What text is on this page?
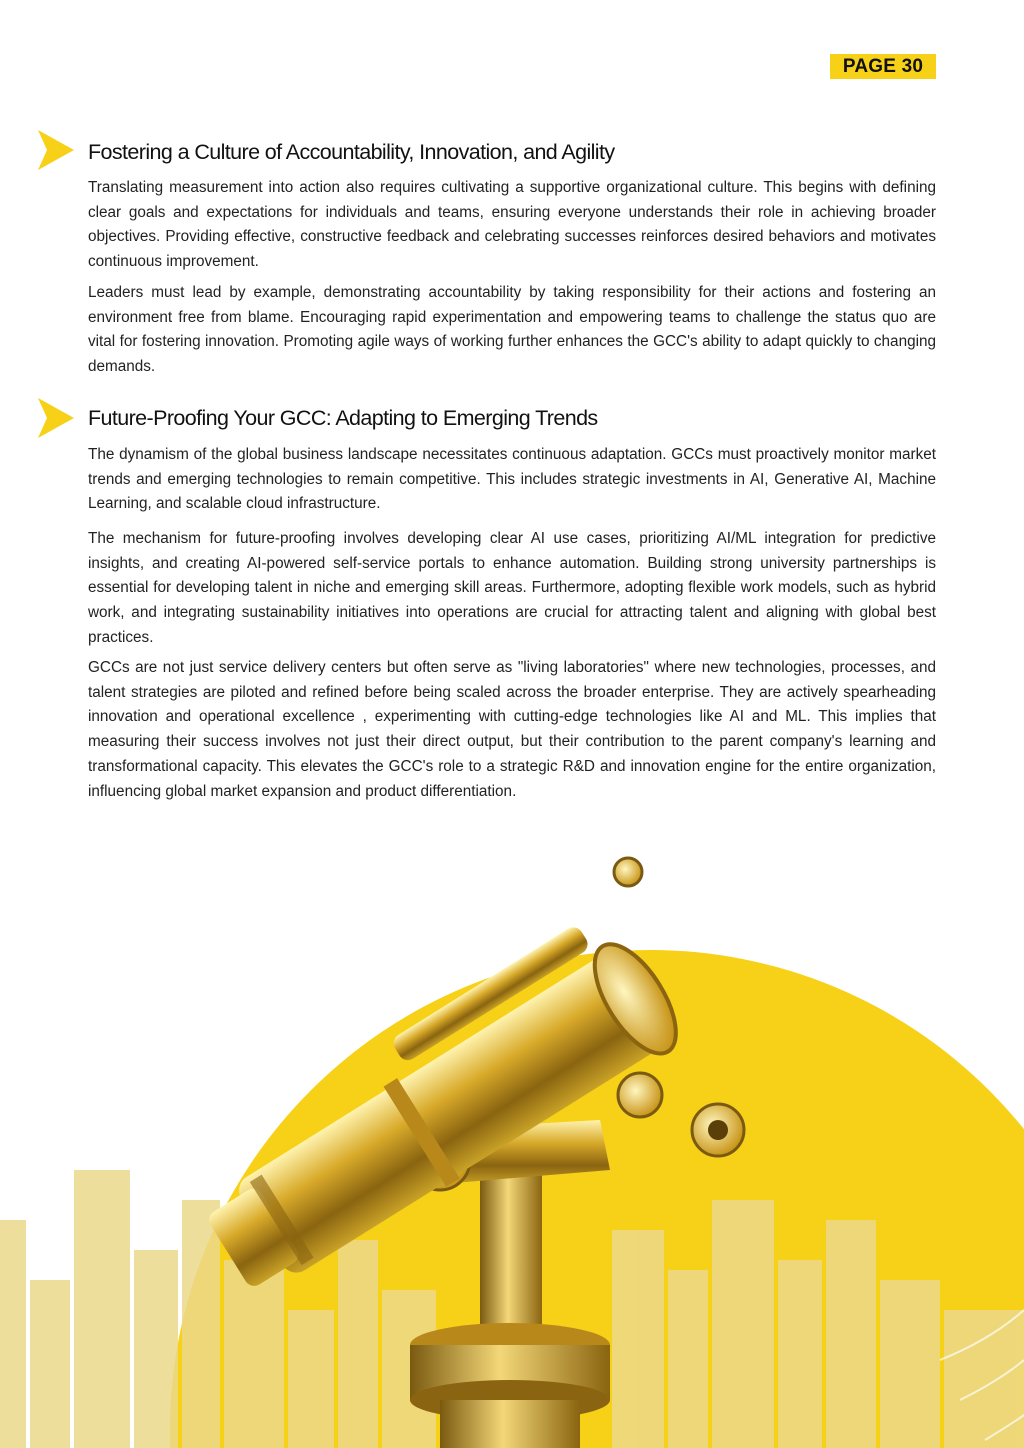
PAGE 30
Fostering a Culture of Accountability, Innovation, and Agility

Translating measurement into action also requires cultivating a supportive organizational culture. This begins with defining clear goals and expectations for individuals and teams, ensuring everyone understands their role in achieving broader objectives. Providing effective, constructive feedback and celebrating successes reinforces desired behaviors and motivates continuous improvement.

Leaders must lead by example, demonstrating accountability by taking responsibility for their actions and fostering an environment free from blame. Encouraging rapid experimentation and empowering teams to challenge the status quo are vital for fostering innovation. Promoting agile ways of working further enhances the GCC's ability to adapt quickly to changing demands.

Future-Proofing Your GCC: Adapting to Emerging Trends

The dynamism of the global business landscape necessitates continuous adaptation. GCCs must proactively monitor market trends and emerging technologies to remain competitive. This includes strategic investments in AI, Generative AI, Machine Learning, and scalable cloud infrastructure.

The mechanism for future-proofing involves developing clear AI use cases, prioritizing AI/ML integration for predictive insights, and creating AI-powered self-service portals to enhance automation. Building strong university partnerships is essential for developing talent in niche and emerging skill areas. Furthermore, adopting flexible work models, such as hybrid work, and integrating sustainability initiatives into operations are crucial for attracting talent and aligning with global best practices.

GCCs are not just service delivery centers but often serve as "living laboratories" where new technologies, processes, and talent strategies are piloted and refined before being scaled across the broader enterprise. They are actively spearheading innovation and operational excellence , experimenting with cutting-edge technologies like AI and ML. This implies that measuring their success involves not just their direct output, but their contribution to the parent company's learning and transformational capacity. This elevates the GCC's role to a strategic R&D and innovation engine for the entire organization, influencing global market expansion and product differentiation.
